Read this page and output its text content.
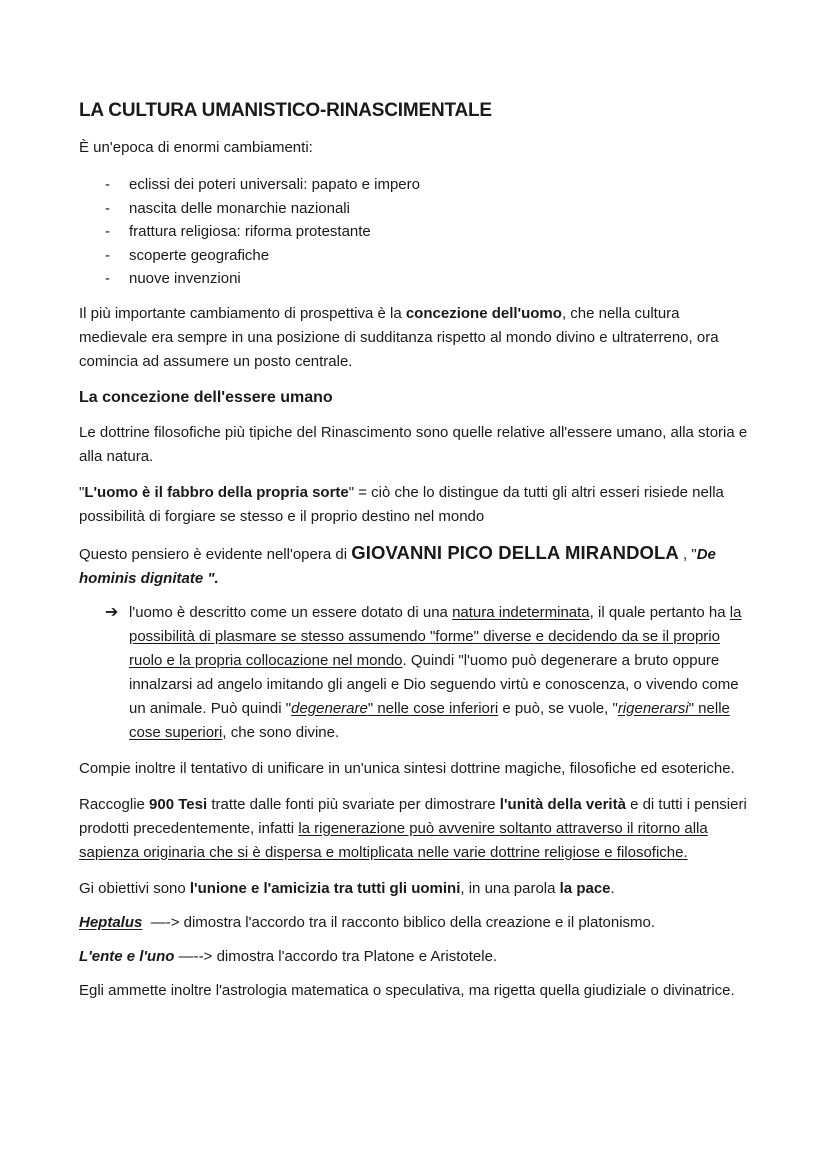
LA CULTURA UMANISTICO-RINASCIMENTALE

È un'epoca di enormi cambiamenti:

- eclissi dei poteri universali: papato e impero
- nascita delle monarchie nazionali
- frattura religiosa: riforma protestante
- scoperte geografiche
- nuove invenzioni

Il più importante cambiamento di prospettiva è la concezione dell'uomo, che nella cultura medievale era sempre in una posizione di sudditanza rispetto al mondo divino e ultraterreno, ora comincia ad assumere un posto centrale.

La concezione dell'essere umano

Le dottrine filosofiche più tipiche del Rinascimento sono quelle relative all'essere umano, alla storia e alla natura.

"L'uomo è il fabbro della propria sorte" = ciò che lo distingue da tutti gli altri esseri risiede nella possibilità di forgiare se stesso e il proprio destino nel mondo

Questo pensiero è evidente nell'opera di GIOVANNI PICO DELLA MIRANDOLA , "De hominis dignitate ".

➔ l'uomo è descritto come un essere dotato di una natura indeterminata, il quale pertanto ha la possibilità di plasmare se stesso assumendo "forme" diverse e decidendo da se il proprio ruolo e la propria collocazione nel mondo. Quindi "l'uomo può degenerare a bruto oppure innalzarsi ad angelo imitando gli angeli e Dio seguendo virtù e conoscenza, o vivendo come un animale. Può quindi "degenerare" nelle cose inferiori e può, se vuole, "rigenerarsi" nelle cose superiori, che sono divine.

Compie inoltre il tentativo di unificare in un'unica sintesi dottrine magiche, filosofiche ed esoteriche.

Raccoglie 900 Tesi tratte dalle fonti più svariate per dimostrare l'unità della verità e di tutti i pensieri prodotti precedentemente, infatti la rigenerazione può avvenire soltanto attraverso il ritorno alla sapienza originaria che si è dispersa e moltiplicata nelle varie dottrine religiose e filosofiche.

Gi obiettivi sono l'unione e l'amicizia tra tutti gli uomini, in una parola la pace.

Heptalus  —-> dimostra l'accordo tra il racconto biblico della creazione e il platonismo.

L'ente e l'uno —--> dimostra l'accordo tra Platone e Aristotele.

Egli ammette inoltre l'astrologia matematica o speculativa, ma rigetta quella giudiziale o divinatrice.
